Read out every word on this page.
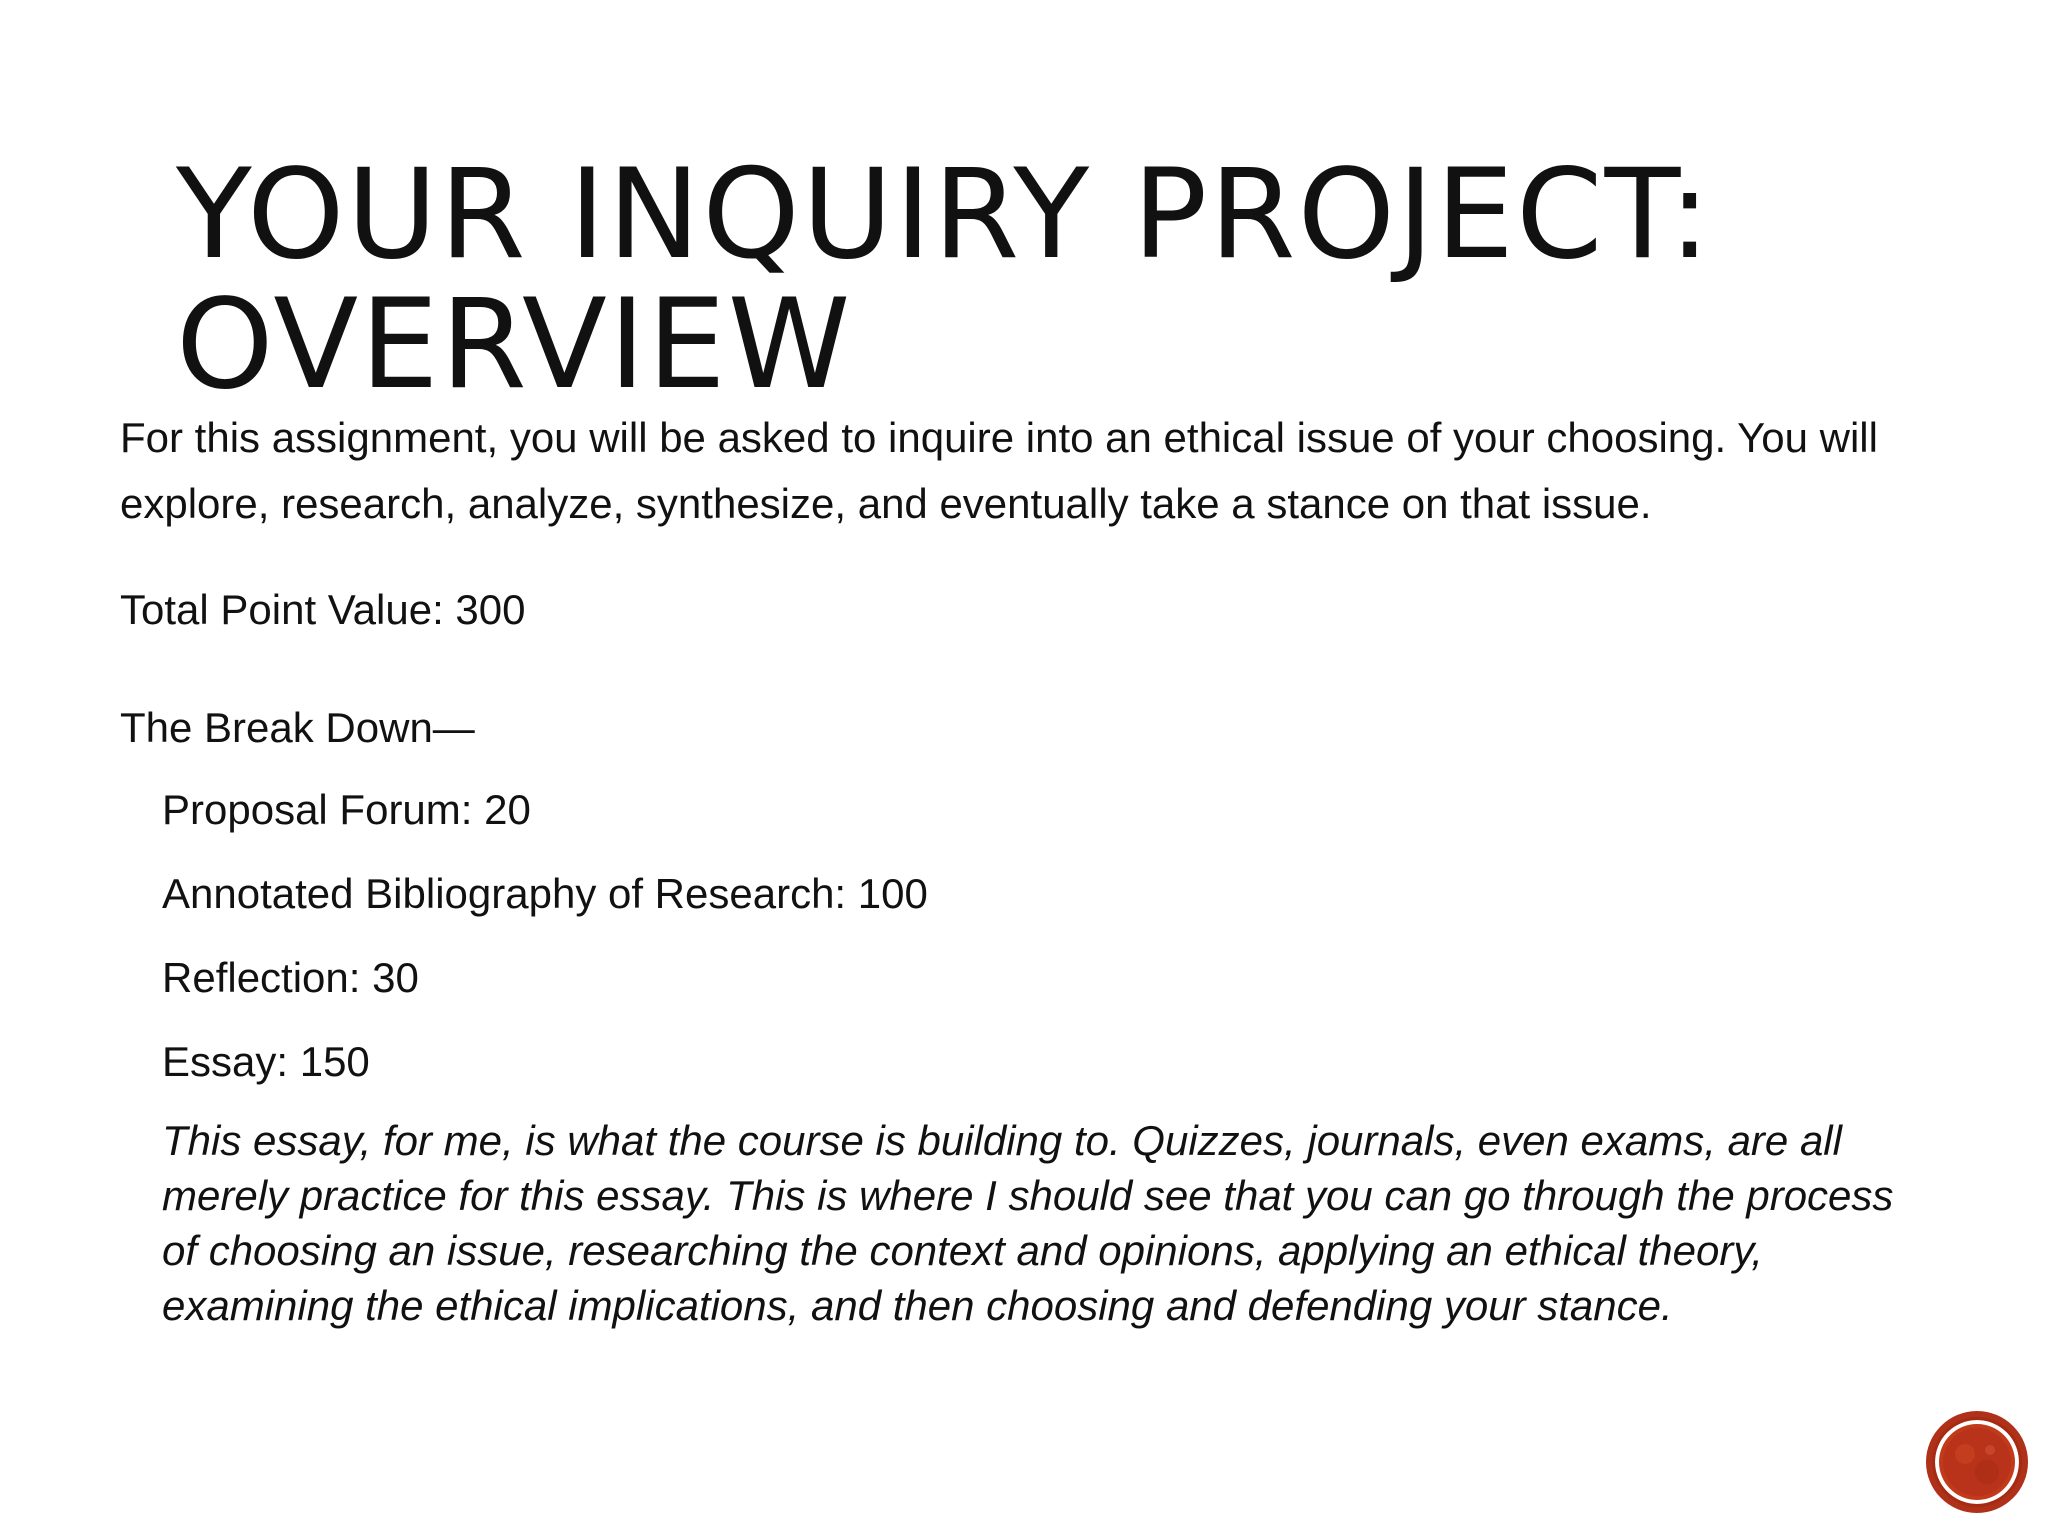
YOUR INQUIRY PROJECT:
OVERVIEW

For this assignment, you will be asked to inquire into an ethical issue of your choosing. You will explore, research, analyze, synthesize, and eventually take a stance on that issue.

Total Point Value: 300

The Break Down—

Proposal Forum: 20
Annotated Bibliography of Research: 100
Reflection: 30
Essay: 150

This essay, for me, is what the course is building to. Quizzes, journals, even exams, are all merely practice for this essay. This is where I should see that you can go through the process of choosing an issue, researching the context and opinions, applying an ethical theory, examining the ethical implications, and then choosing and defending your stance.
